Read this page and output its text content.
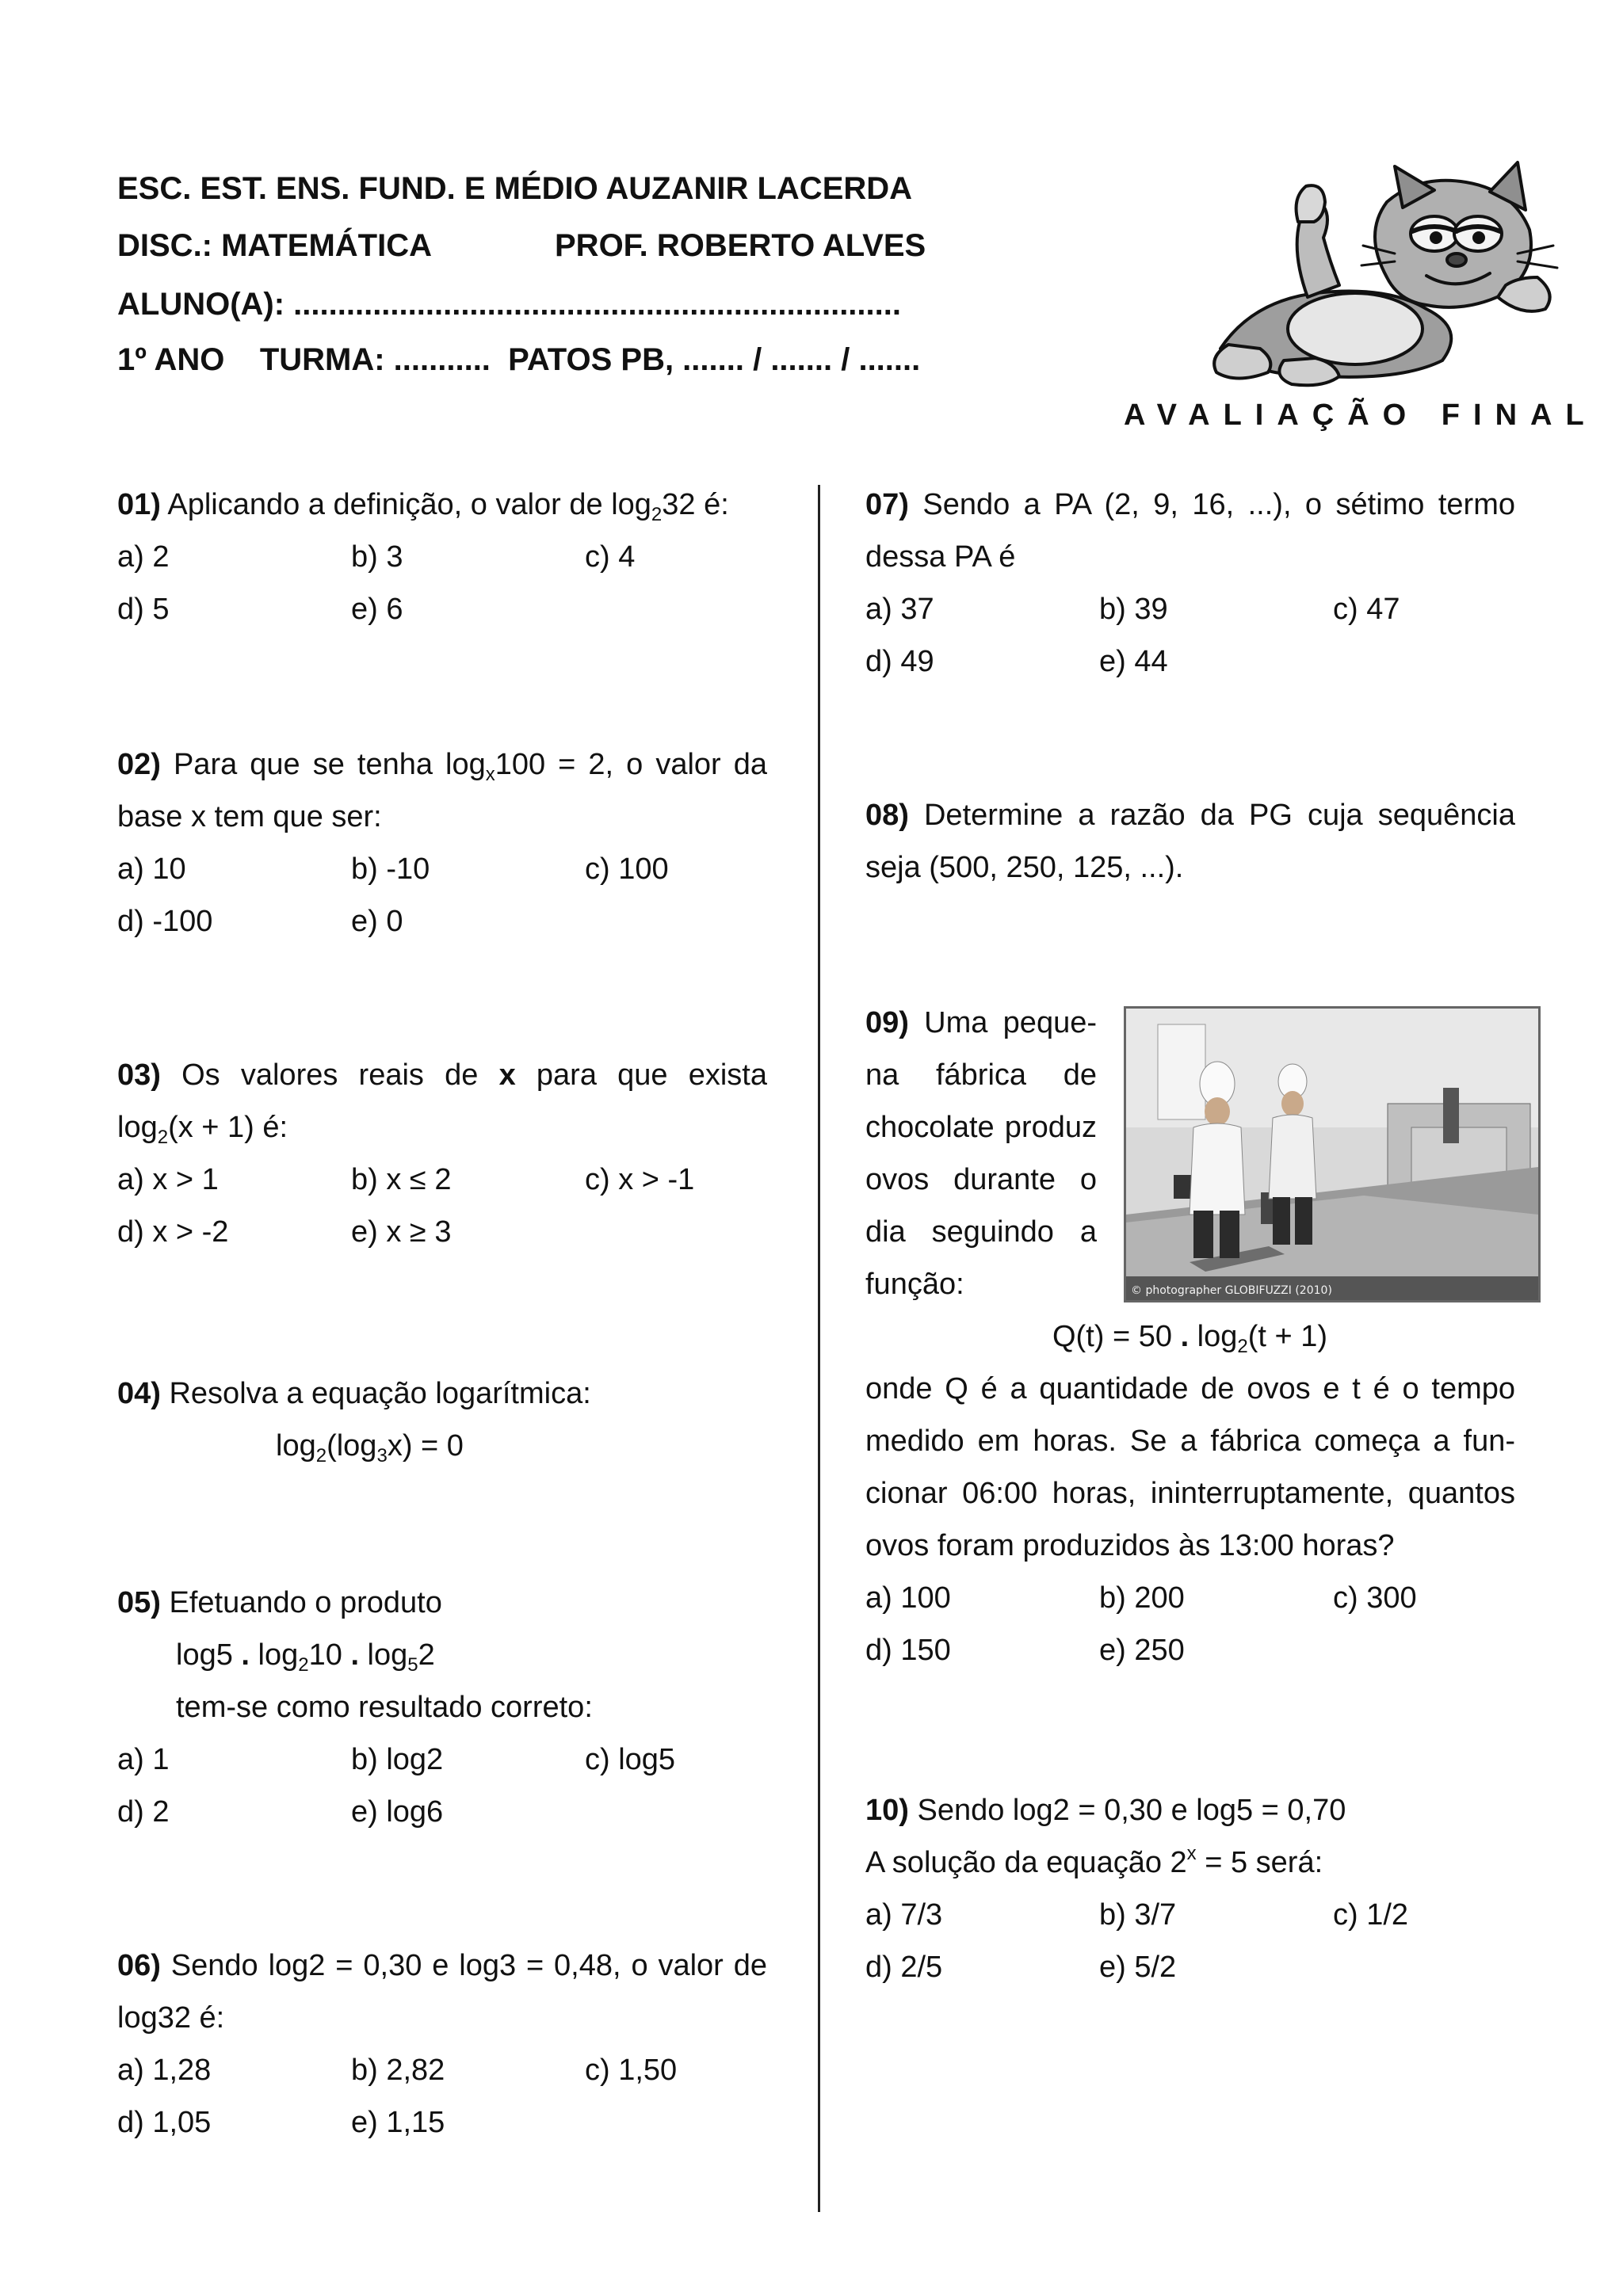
ESC. EST. ENS. FUND. E MÉDIO AUZANIR LACERDA
DISC.: MATEMÁTICA	PROF. ROBERTO ALVES
ALUNO(A): .....................................................................
1º ANO    TURMA: ...........  PATOS PB, ....... / ....... / .......
AVALIAÇÃO FINAL
01) Aplicando a definição, o valor de $\log_232$ é:
a) 2	b) 3	c) 4
d) 5	e) 6
02) Para que se tenha $\log_x100 = 2$, o valor da
base x tem que ser:
a) 10	b) -10	c) 100
d) -100	e) 0
03) Os valores reais de x para que exista
$\log_2(x + 1)$ é:
a) x > 1	b) x ≤ 2	c) x > -1
d) x > -2	e) x ≥ 3
04) Resolva a equação logarítmica:
$\log_2(\log_3x) = 0$
05) Efetuando o produto
log5 . $\log_210$ . $\log_52$
tem-se como resultado correto:
a) 1	b) log2	c) log5
d) 2	e) log6
06) Sendo log2 = 0,30 e log3 = 0,48, o valor de
log32 é:
a) 1,28	b) 2,82	c) 1,50
d) 1,05	e) 1,15
07) Sendo a PA (2, 9, 16, ...), o sétimo termo
dessa PA é
a) 37	b) 39	c) 47
d) 49	e) 44
08) Determine a razão da PG cuja sequência
seja (500, 250, 125, ...).
09) Uma peque-
na fábrica de
chocolate produz
ovos durante o
dia seguindo a
função:
Q(t) = 50 . $\log_2(t + 1)$
onde Q é a quantidade de ovos e t é o tempo
medido em horas. Se a fábrica começa a fun-
cionar 06:00 horas, ininterruptamente, quantos
ovos foram produzidos às 13:00 horas?
a) 100	b) 200	c) 300
d) 150	e) 250
© photographer GLOBIFUZZI (2010)
10) Sendo log2 = 0,30 e log5 = 0,70
A solução da equação $2^x = 5$ será:
a) 7/3	b) 3/7	c) 1/2
d) 2/5	e) 5/2
